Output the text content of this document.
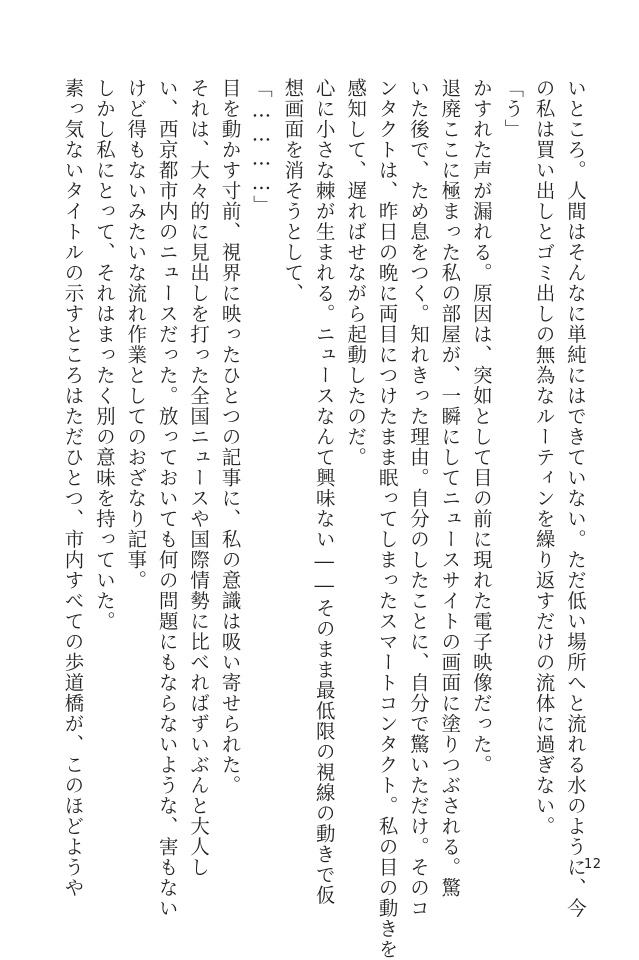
いところ。人間はそんなに単純にはできていない。ただ低い場所へと流れる水のように、今
の私は買い出しとゴミ出しの無為なルーティンを繰り返すだけの流体に過ぎない。
「う」
かすれた声が漏れる。原因は、突如として目の前に現れた電子映像だった。
退廃ここに極まった私の部屋が、一瞬にしてニュースサイトの画面に塗りつぶされる。驚
いた後で、ため息をつく。知れきった理由。自分のしたことに、自分で驚いただけ。そのコ
ンタクトは、昨日の晩に両目につけたまま眠ってしまったスマートコンタクト。私の目の動きを
感知して、遅ればせながら起動したのだ。
心に小さな棘が生まれる。ニュースなんて興味ない――そのまま最低限の視線の動きで仮
想画面を消そうとして、
「…………」
目を動かす寸前、視界に映ったひとつの記事に、私の意識は吸い寄せられた。
それは、大々的に見出しを打った全国ニュースや国際情勢に比べればずいぶんと大人し
い、西京都市内のニュースだった。放っておいても何の問題にもならないような、害もない
けど得もないみたいな流れ作業としてのおざなり記事。
しかし私にとって、それはまったく別の意味を持っていた。
素っ気ないタイトルの示すところはただひとつ、市内すべての歩道橋が、このほどようや	12
